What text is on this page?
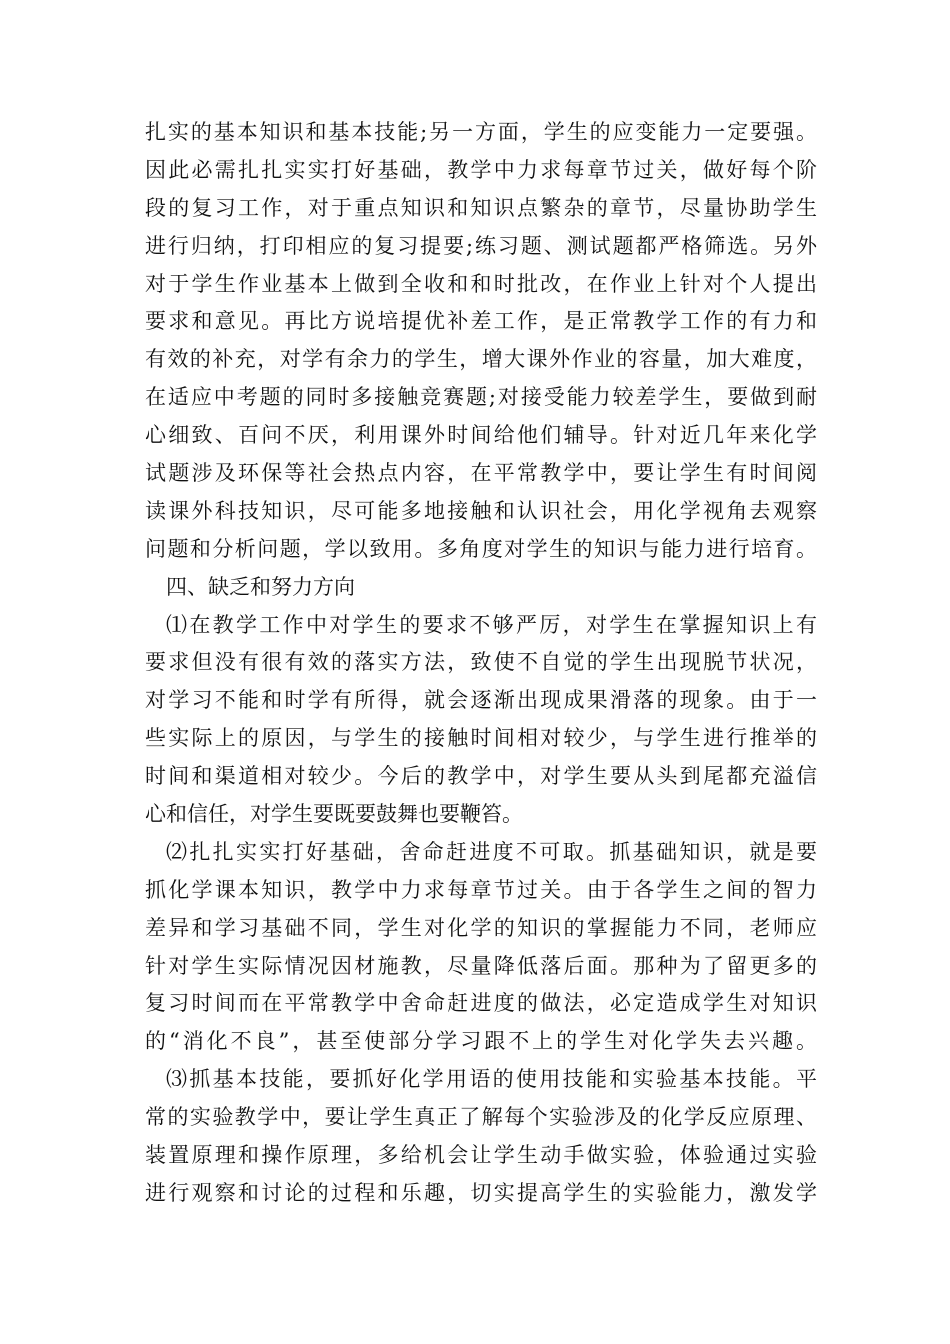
扎实的基本知识和基本技能;另一方面，学生的应变能力一定要强。
因此必需扎扎实实打好基础，教学中力求每章节过关，做好每个阶
段的复习工作，对于重点知识和知识点繁杂的章节，尽量协助学生
进行归纳，打印相应的复习提要;练习题、测试题都严格筛选。另外
对于学生作业基本上做到全收和和时批改，在作业上针对个人提出
要求和意见。再比方说培提优补差工作，是正常教学工作的有力和
有效的补充，对学有余力的学生，增大课外作业的容量，加大难度，
在适应中考题的同时多接触竞赛题;对接受能力较差学生，要做到耐
心细致、百问不厌，利用课外时间给他们辅导。针对近几年来化学
试题涉及环保等社会热点内容，在平常教学中，要让学生有时间阅
读课外科技知识，尽可能多地接触和认识社会，用化学视角去观察
问题和分析问题，学以致用。多角度对学生的知识与能力进行培育。
四、缺乏和努力方向
⑴在教学工作中对学生的要求不够严厉，对学生在掌握知识上有
要求但没有很有效的落实方法，致使不自觉的学生出现脱节状况，
对学习不能和时学有所得，就会逐渐出现成果滑落的现象。由于一
些实际上的原因，与学生的接触时间相对较少，与学生进行推举的
时间和渠道相对较少。今后的教学中，对学生要从头到尾都充溢信
心和信任，对学生要既要鼓舞也要鞭笞。
⑵扎扎实实打好基础，舍命赶进度不可取。抓基础知识，就是要
抓化学课本知识，教学中力求每章节过关。由于各学生之间的智力
差异和学习基础不同，学生对化学的知识的掌握能力不同，老师应
针对学生实际情况因材施教，尽量降低落后面。那种为了留更多的
复习时间而在平常教学中舍命赶进度的做法，必定造成学生对知识
的“消化不良”，甚至使部分学习跟不上的学生对化学失去兴趣。
⑶抓基本技能，要抓好化学用语的使用技能和实验基本技能。平
常的实验教学中，要让学生真正了解每个实验涉及的化学反应原理、
装置原理和操作原理，多给机会让学生动手做实验，体验通过实验
进行观察和讨论的过程和乐趣，切实提高学生的实验能力，激发学
